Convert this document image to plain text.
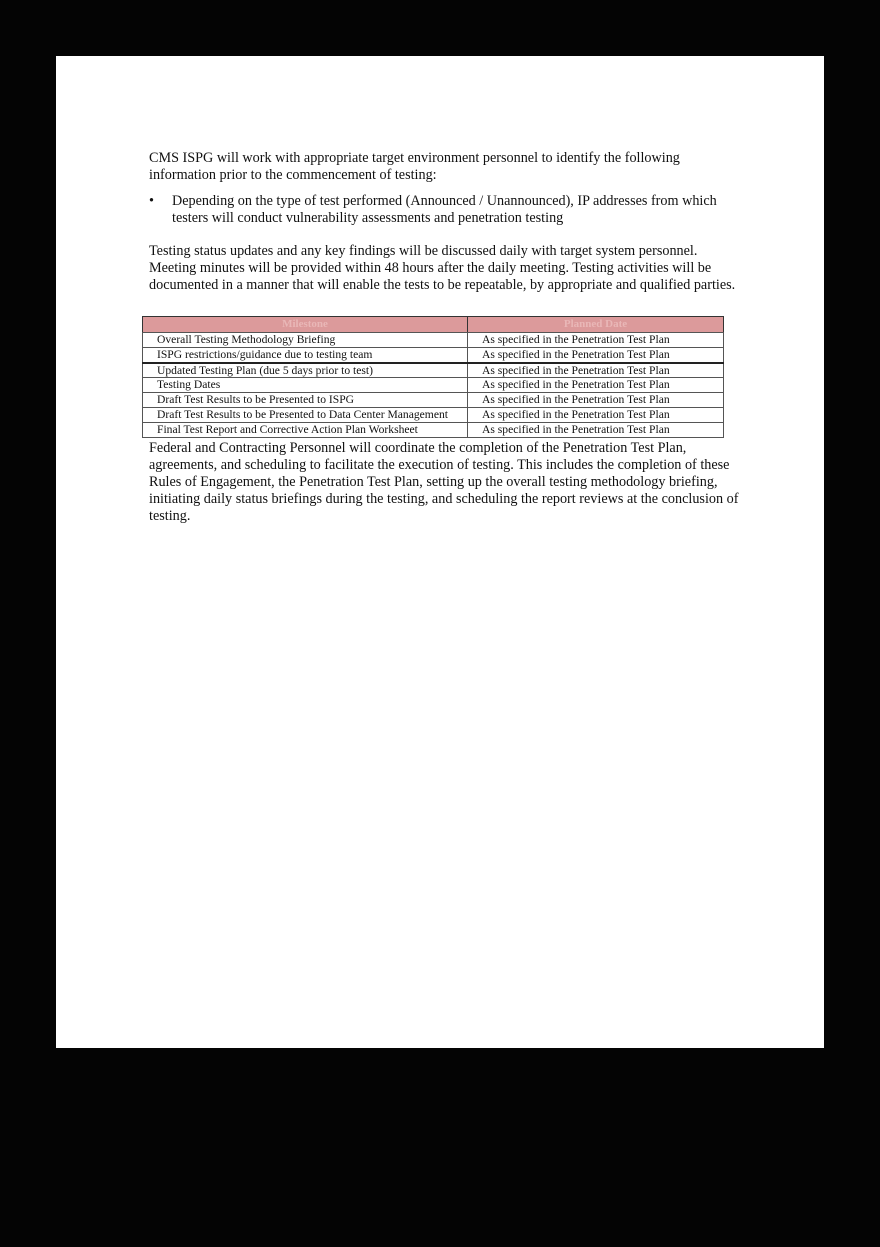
CMS ISPG will work with appropriate target environment personnel to identify the following information prior to the commencement of testing:

• Depending on the type of test performed (Announced / Unannounced), IP addresses from which testers will conduct vulnerability assessments and penetration testing

Testing status updates and any key findings will be discussed daily with target system personnel. Meeting minutes will be provided within 48 hours after the daily meeting. Testing activities will be documented in a manner that will enable the tests to be repeatable, by appropriate and qualified parties.

Milestone	Planned Date
Overall Testing Methodology Briefing	As specified in the Penetration Test Plan
ISPG restrictions/guidance due to testing team	As specified in the Penetration Test Plan
Updated Testing Plan (due 5 days prior to test)	As specified in the Penetration Test Plan
Testing Dates	As specified in the Penetration Test Plan
Draft Test Results to be Presented to ISPG	As specified in the Penetration Test Plan
Draft Test Results to be Presented to Data Center Management	As specified in the Penetration Test Plan
Final Test Report and Corrective Action Plan Worksheet	As specified in the Penetration Test Plan

Federal and Contracting Personnel will coordinate the completion of the Penetration Test Plan, agreements, and scheduling to facilitate the execution of testing. This includes the completion of these Rules of Engagement, the Penetration Test Plan, setting up the overall testing methodology briefing, initiating daily status briefings during the testing, and scheduling the report reviews at the conclusion of testing.
